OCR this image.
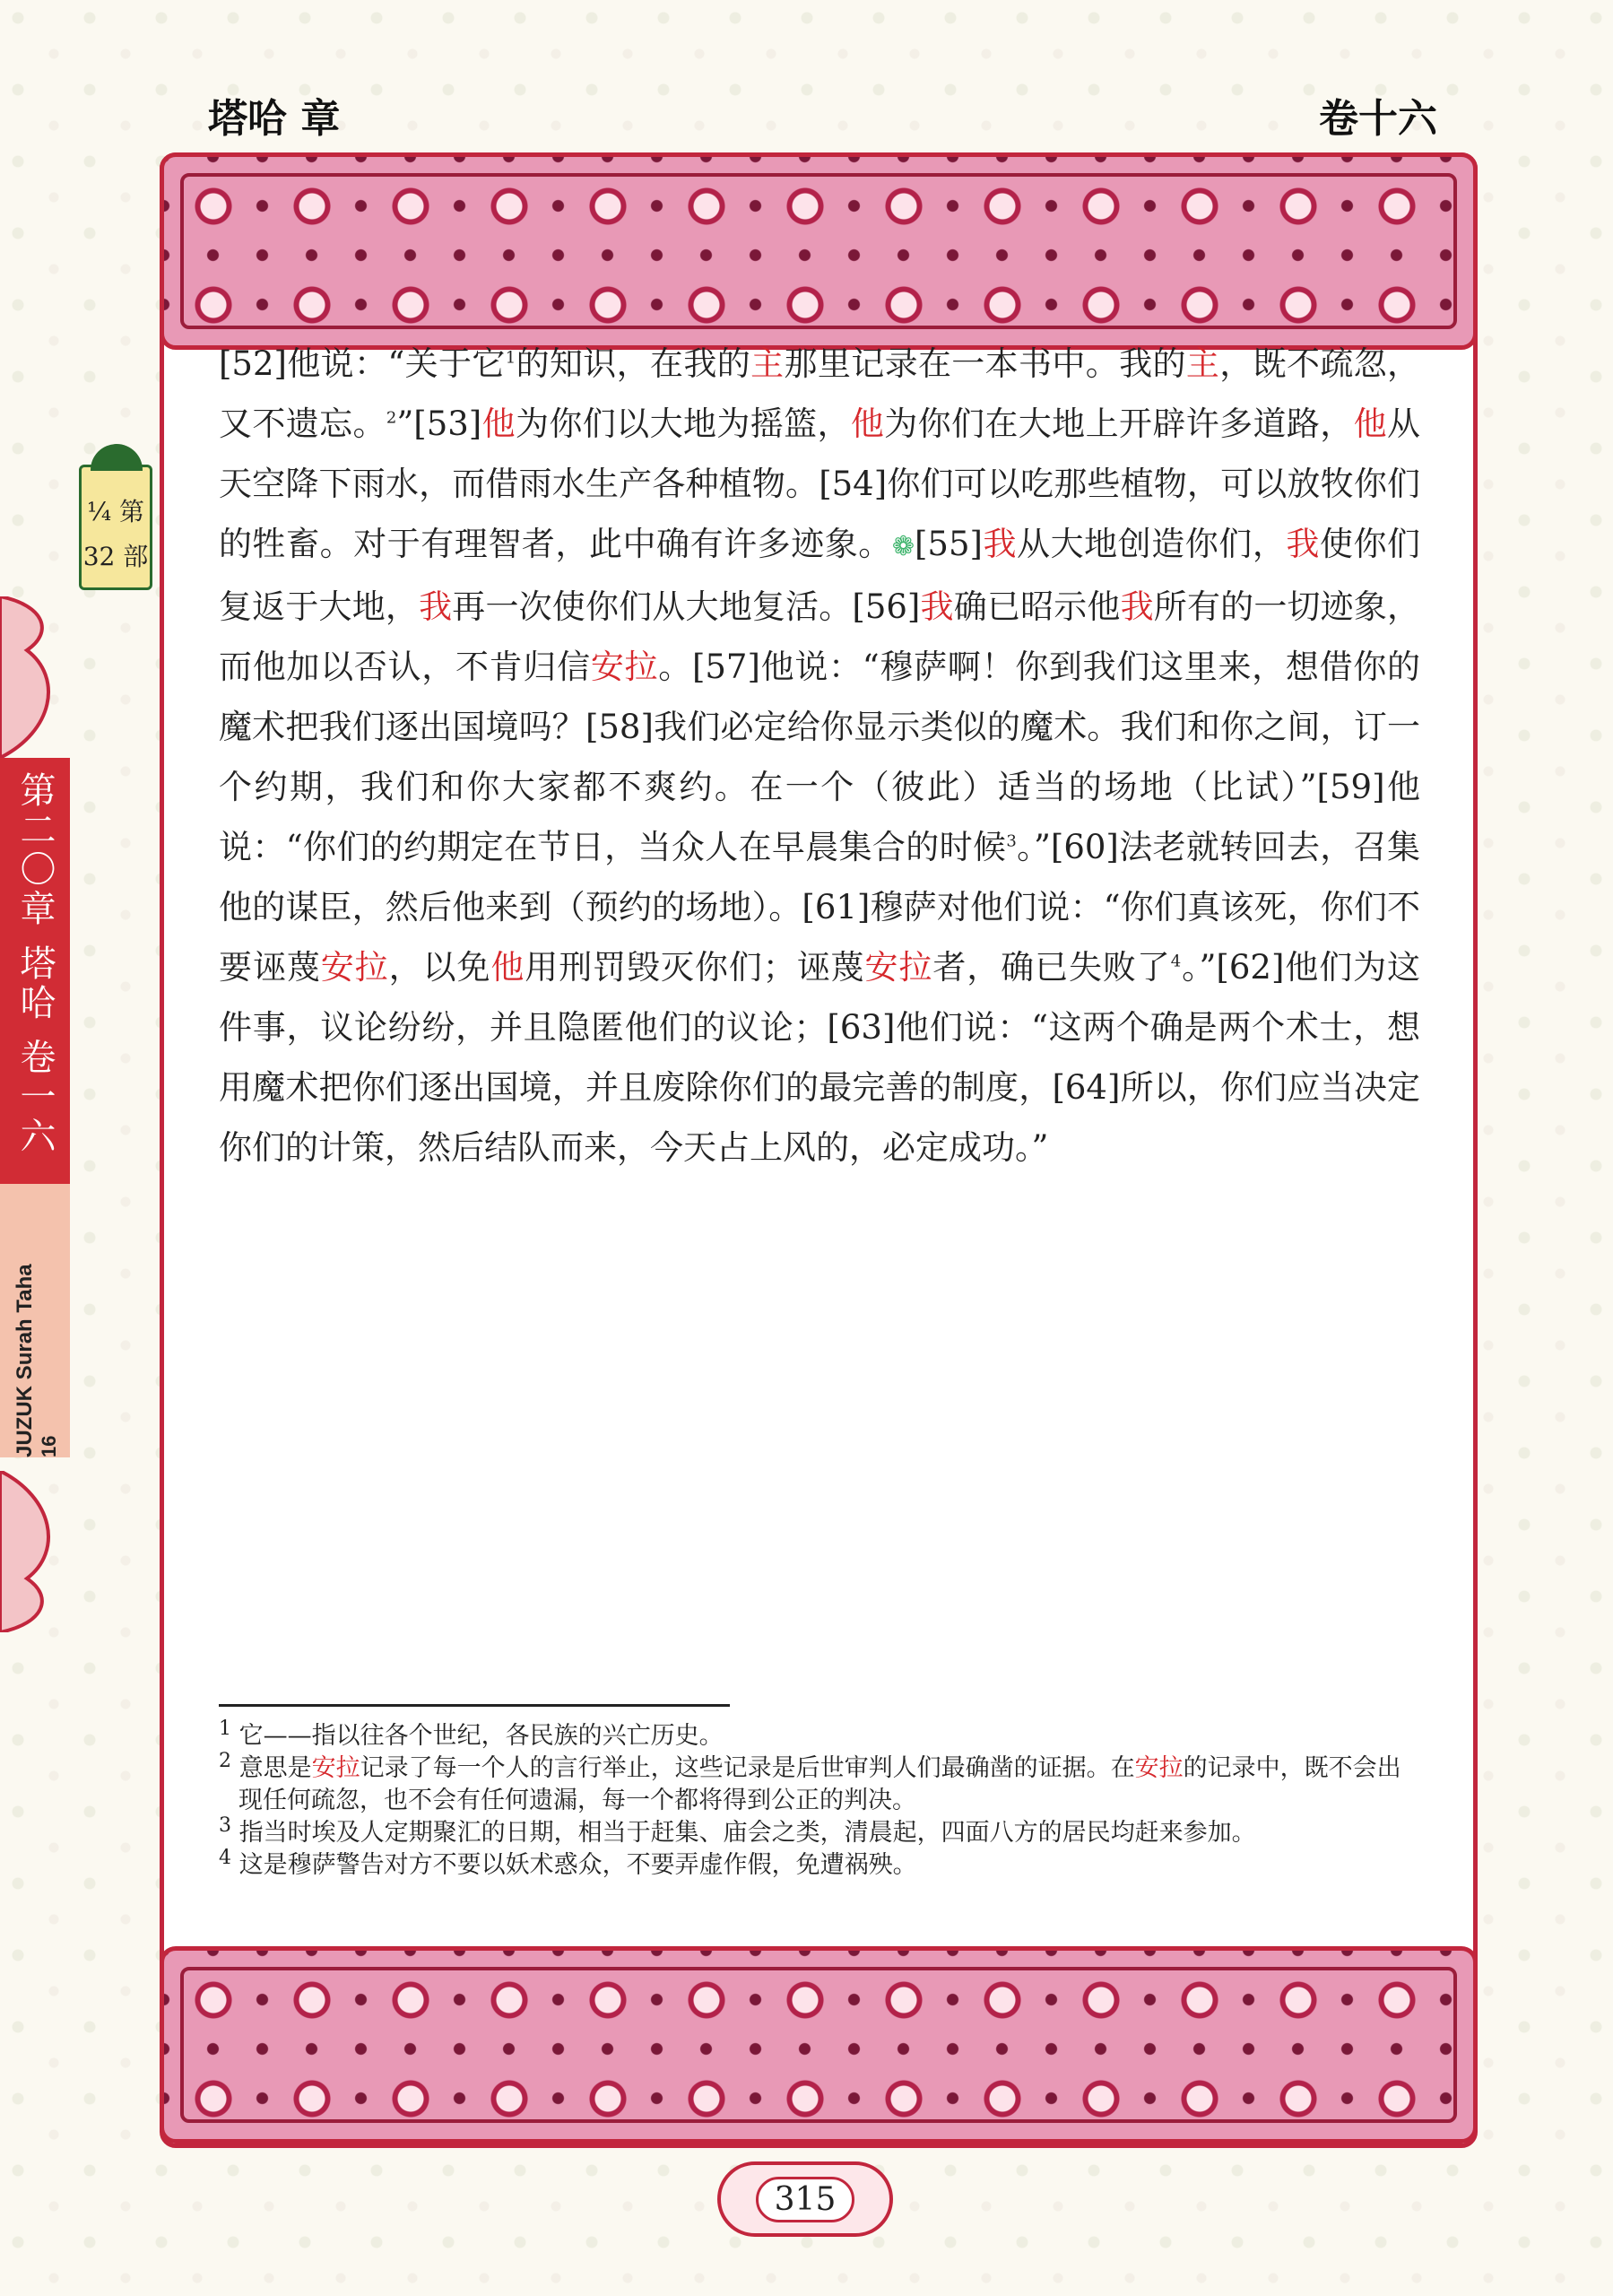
塔哈 章	卷十六
第二〇章 塔哈 卷一六
JUZUK Surah Taha
16
¼ 第
32 部
[52]他说：“关于它$^1$的知识，在我的主那里记录在一本书中。我的主，既不疏忽，又不遗忘。$^2$”[53]他为你们以大地为摇篮，他为你们在大地上开辟许多道路，他从天空降下雨水，而借雨水生产各种植物。[54]你们可以吃那些植物，可以放牧你们的牲畜。对于有理智者，此中确有许多迹象。❁[55]我从大地创造你们，我使你们复返于大地，我再一次使你们从大地复活。[56]我确已昭示他我所有的一切迹象，而他加以否认，不肯归信安拉。[57]他说：“穆萨啊！你到我们这里来，想借你的魔术把我们逐出国境吗？[58]我们必定给你显示类似的魔术。我们和你之间，订一个约期，我们和你大家都不爽约。在一个（彼此）适当的场地（比试）”[59]他说：“你们的约期定在节日，当众人在早晨集合的时候$^3$。”[60]法老就转回去，召集他的谋臣，然后他来到（预约的场地）。[61]穆萨对他们说：“你们真该死，你们不要诬蔑安拉，以免他用刑罚毁灭你们；诬蔑安拉者，确已失败了$^4$。”[62]他们为这件事，议论纷纷，并且隐匿他们的议论；[63]他们说：“这两个确是两个术士，想用魔术把你们逐出国境，并且废除你们的最完善的制度，[64]所以，你们应当决定你们的计策，然后结队而来，今天占上风的，必定成功。”
$^1$ 它——指以往各个世纪，各民族的兴亡历史。
$^2$ 意思是安拉记录了每一个人的言行举止，这些记录是后世审判人们最确凿的证据。在安拉的记录中，既不会出现任何疏忽，也不会有任何遗漏，每一个都将得到公正的判决。
$^3$ 指当时埃及人定期聚汇的日期，相当于赶集、庙会之类，清晨起，四面八方的居民均赶来参加。
$^4$ 这是穆萨警告对方不要以妖术惑众，不要弄虚作假，免遭祸殃。
315
